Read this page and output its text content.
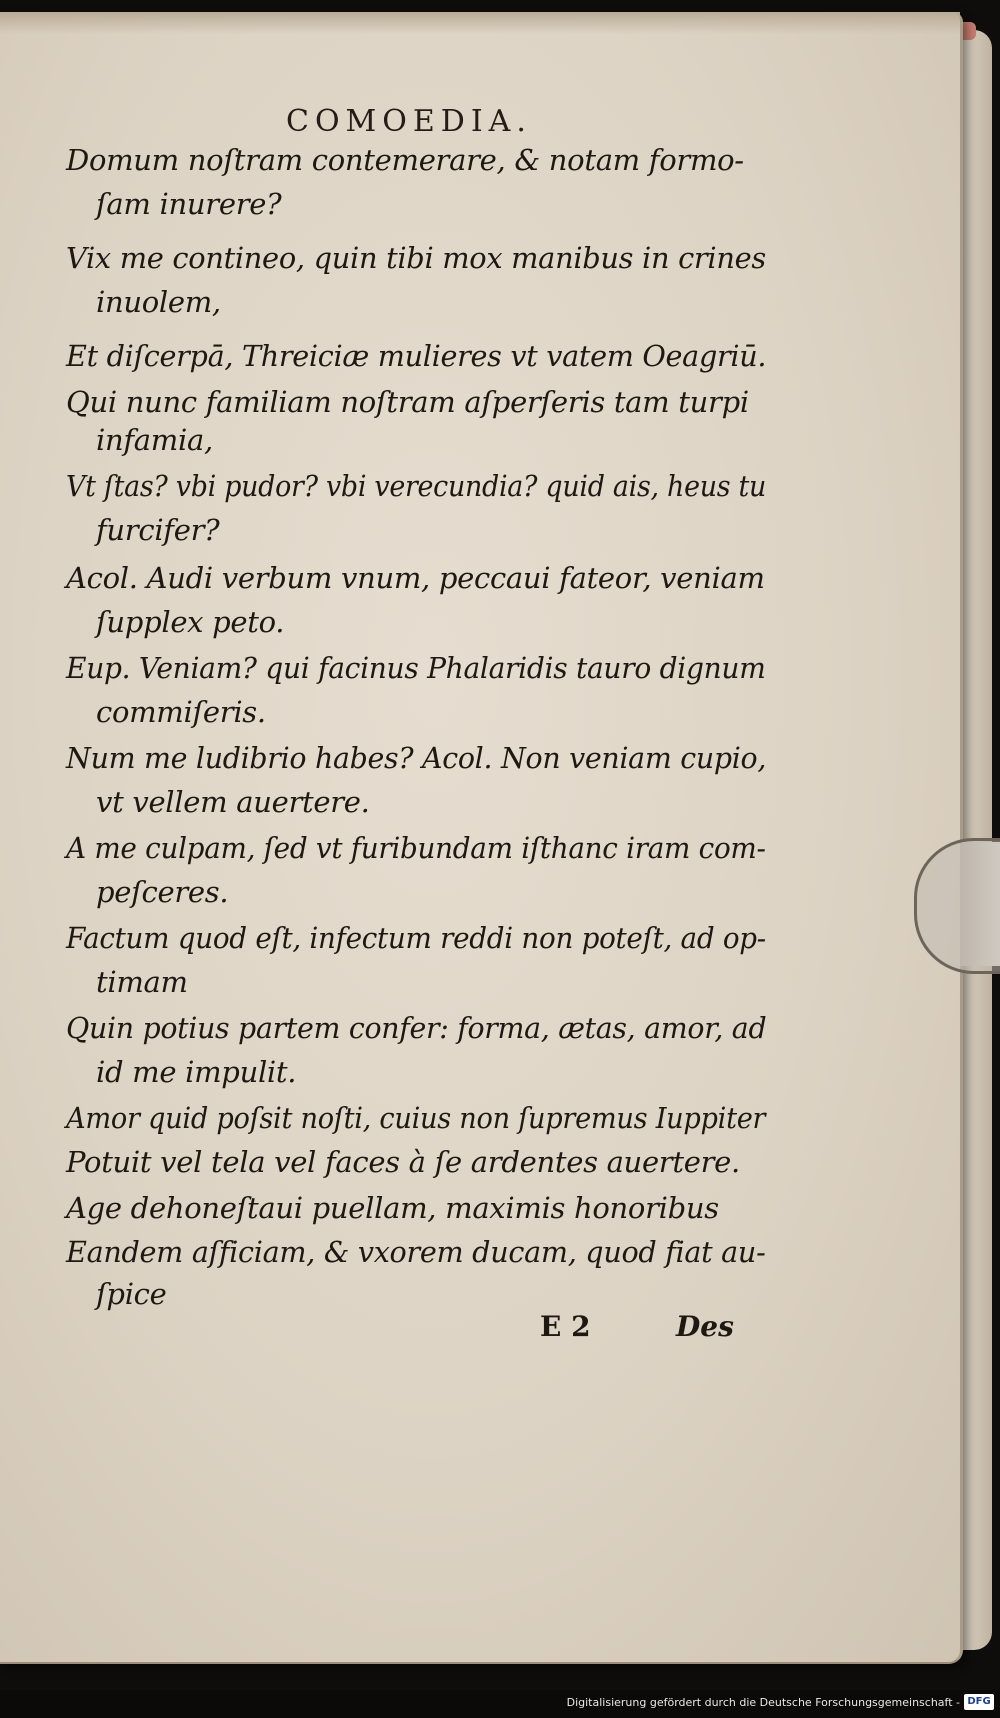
COMOEDIA.
Domum noſtram contemerare, & notam formo-
ſam inurere?
Vix me contineo, quin tibi mox manibus in crines
inuolem,
Et diſcerpā, Threiciæ mulieres vt vatem Oeagriū.
Qui nunc familiam noſtram aſperſeris tam turpi
infamia,
Vt ſtas? vbi pudor? vbi verecundia? quid ais, heus tu
furcifer?
Acol. Audi verbum vnum, peccaui fateor, veniam
ſupplex peto.
Eup. Veniam? qui facinus Phalaridis tauro dignum
commiſeris.
Num me ludibrio habes? Acol. Non veniam cupio,
vt vellem auertere.
A me culpam, ſed vt furibundam iſthanc iram com-
peſceres.
Factum quod eſt, infectum reddi non poteſt, ad op-
timam
Quin potius partem confer: forma, ætas, amor, ad
id me impulit.
Amor quid poſsit noſti, cuius non ſupremus Iuppiter
Potuit vel tela vel faces à ſe ardentes auertere.
Age dehoneſtaui puellam, maximis honoribus
Eandem aſficiam, & vxorem ducam, quod fiat au-
ſpice
E 2	Des
Digitalisierung gefördert durch die Deutsche Forschungsgemeinschaft - DFG
